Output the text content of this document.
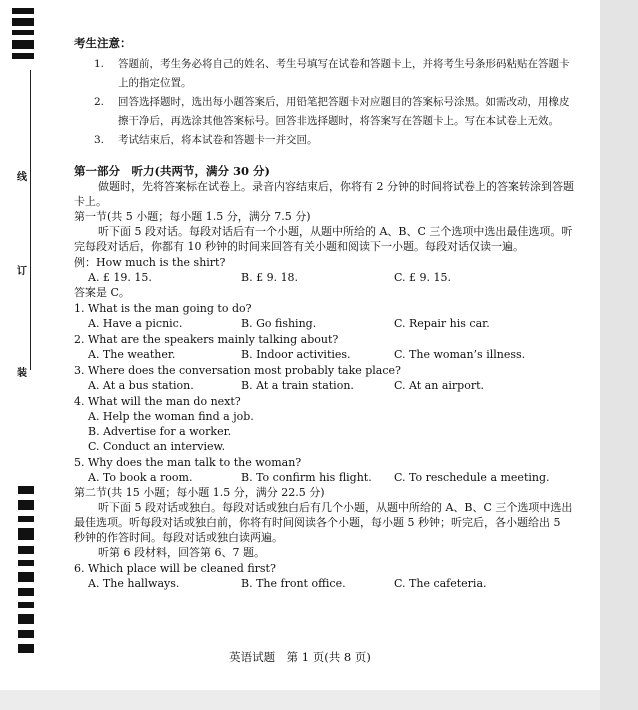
线
订
装
考生注意：
1. 答题前，考生务必将自己的姓名、考生号填写在试卷和答题卡上，并将考生号条形码粘贴在答题卡上的指定位置。
2. 回答选择题时，选出每小题答案后，用铅笔把答题卡对应题目的答案标号涂黑。如需改动，用橡皮擦干净后，再选涂其他答案标号。回答非选择题时，将答案写在答题卡上。写在本试卷上无效。
3. 考试结束后，将本试卷和答题卡一并交回。
第一部分　听力(共两节，满分 30 分)
做题时，先将答案标在试卷上。录音内容结束后，你将有 2 分钟的时间将试卷上的答案转涂到答题卡上。
第一节(共 5 小题；每小题 1.5 分，满分 7.5 分)
听下面 5 段对话。每段对话后有一个小题，从题中所给的 A、B、C 三个选项中选出最佳选项。听完每段对话后，你都有 10 秒钟的时间来回答有关小题和阅读下一小题。每段对话仅读一遍。
例：How much is the shirt?
A. £ 19. 15.	B. £ 9. 18.	C. £ 9. 15.
答案是 C。
1. What is the man going to do?
A. Have a picnic.	B. Go fishing.	C. Repair his car.
2. What are the speakers mainly talking about?
A. The weather.	B. Indoor activities.	C. The woman’s illness.
3. Where does the conversation most probably take place?
A. At a bus station.	B. At a train station.	C. At an airport.
4. What will the man do next?
A. Help the woman find a job.
B. Advertise for a worker.
C. Conduct an interview.
5. Why does the man talk to the woman?
A. To book a room.	B. To confirm his flight.	C. To reschedule a meeting.
第二节(共 15 小题；每小题 1.5 分，满分 22.5 分)
听下面 5 段对话或独白。每段对话或独白后有几个小题，从题中所给的 A、B、C 三个选项中选出最佳选项。听每段对话或独白前，你将有时间阅读各个小题，每小题 5 秒钟；听完后，各小题给出 5 秒钟的作答时间。每段对话或独白读两遍。
听第 6 段材料，回答第 6、7 题。
6. Which place will be cleaned first?
A. The hallways.	B. The front office.	C. The cafeteria.
英语试题　第 1 页(共 8 页)
